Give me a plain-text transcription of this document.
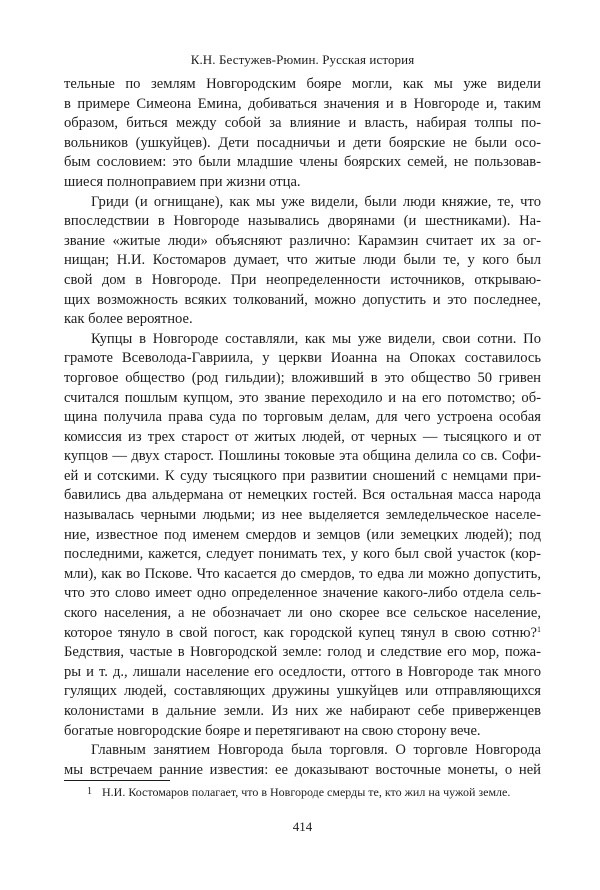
К.Н. Бестужев-Рюмин. Русская история
тельные по землям Новгородским бояре могли, как мы уже видели
в примере Симеона Емина, добиваться значения и в Новгороде и, таким
образом, биться между собой за влияние и власть, набирая толпы по-
вольников (ушкуйцев). Дети посадничьи и дети боярские не были осо-
бым сословием: это были младшие члены боярских семей, не пользовав-
шиеся полноправием при жизни отца.
Гриди (и огнищане), как мы уже видели, были люди княжие, те, что
впоследствии в Новгороде назывались дворянами (и шестниками). На-
звание «житые люди» объясняют различно: Карамзин считает их за ог-
нищан; Н.И. Костомаров думает, что житые люди были те, у кого был
свой дом в Новгороде. При неопределенности источников, открываю-
щих возможность всяких толкований, можно допустить и это последнее,
как более вероятное.
Купцы в Новгороде составляли, как мы уже видели, свои сотни. По
грамоте Всеволода-Гавриила, у церкви Иоанна на Опоках составилось
торговое общество (род гильдии); вложивший в это общество 50 гривен
считался пошлым купцом, это звание переходило и на его потомство; об-
щина получила права суда по торговым делам, для чего устроена особая
комиссия из трех старост от житых людей, от черных — тысяцкого и от
купцов — двух старост. Пошлины токовые эта община делила со св. Софи-
ей и сотскими. К суду тысяцкого при развитии сношений с немцами при-
бавились два альдермана от немецких гостей. Вся остальная масса народа
называлась черными людьми; из нее выделяется земледельческое населе-
ние, известное под именем смердов и земцов (или земецких людей); под
последними, кажется, следует понимать тех, у кого был свой участок (кор-
мли), как во Пскове. Что касается до смердов, то едва ли можно допустить,
что это слово имеет одно определенное значение какого-либо отдела сель-
ского населения, а не обозначает ли оно скорее все сельское население,
которое тянуло в свой погост, как городской купец тянул в свою сотню?$^1$
Бедствия, частые в Новгородской земле: голод и следствие его мор, пожа-
ры и т. д., лишали население его оседлости, оттого в Новгороде так много
гулящих людей, составляющих дружины ушкуйцев или отправляющихся
колонистами в дальние земли. Из них же набирают себе приверженцев
богатые новгородские бояре и перетягивают на свою сторону вече.
Главным занятием Новгорода была торговля. О торговле Новгорода
мы встречаем ранние известия: ее доказывают восточные монеты, о ней
1 Н.И. Костомаров полагает, что в Новгороде смерды те, кто жил на чужой земле.
414
